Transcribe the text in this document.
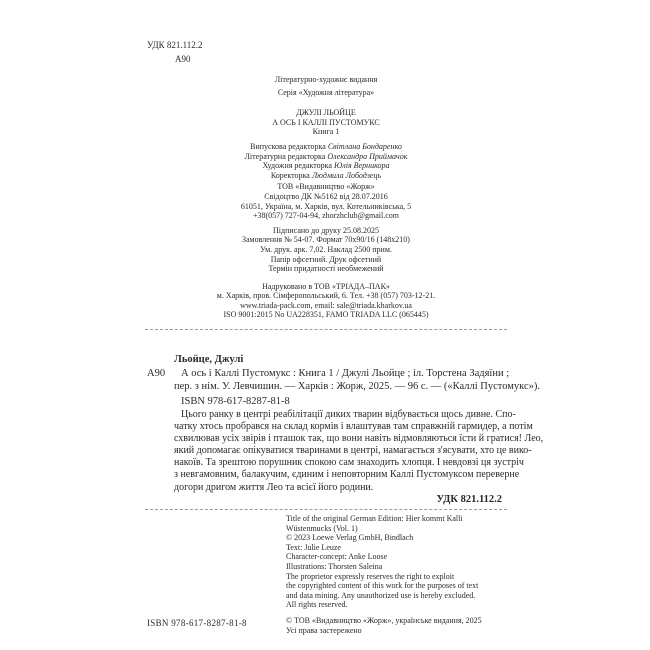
УДК 821.112.2
А90
Літературно-художнє видання
Серія «Художня література»
ДЖУЛІ ЛЬОЙЦЕ
А ОСЬ І КАЛЛІ ПУСТОМУКС
Книга 1
Випускова редакторка Світлана Бондаренко
Літературна редакторка Олександра Приймачок
Художня редакторка Юлія Верникора
Коректорка Людмила Лободзець
ТОВ «Видавництво «Жорж»
Свідоцтво ДК №5162 від 28.07.2016
61051, Україна, м. Харків, вул. Котельниківська, 5
+38(057) 727-04-94, zhorzhclub@gmail.com
Підписано до друку 25.08.2025
Замовлення № 54-07. Формат 70х90/16 (148х210)
Ум. друк. арк. 7,02. Наклад 2500 прим.
Папір офсетний. Друк офсетний
Термін придатності необмежений
Надруковано в ТОВ «ТРІАДА–ПАК»
м. Харків, пров. Сімферопольський, 6. Тел. +38 (057) 703-12-21.
www.triada-pack.com, email: sale@triada.kharkov.ua
ISO 9001:2015 No UA228351, FAMO TRIADA LLC (065445)
Льойце, Джулі
А90 А ось і Каллі Пустомукс : Книга 1 / Джулі Льойце ; іл. Торстена Задяїни ;
пер. з нім. У. Левчишин. — Харків : Жорж, 2025. — 96 с. — («Каллі Пустомукс»).
ISBN 978-617-8287-81-8
Цього ранку в центрі реабілітації диких тварин відбувається щось дивне. Спо-
чатку хтось пробрався на склад кормів і влаштував там справжній гармидер, а потім
схвилював усіх звірів і пташок так, що вони навіть відмовляються їсти й гратися! Лео,
який допомагає опікуватися тваринами в центрі, намагається з'ясувати, хто це вико-
накоїв. Та зрештою порушник спокою сам знаходить хлопця. І невдовзі ця зустріч
з невгамовним, балакучим, єдиним і неповторним Каллі Пустомуксом переверне
догори дригом життя Лео та всієї його родини.
УДК 821.112.2
Title of the original German Edition: Hier kommt Kalli
Wüstenmucks (Vol. 1)
© 2023 Loewe Verlag GmbH, Bindlach
Text: Julie Leuze
Character-concept: Anke Loose
Illustrations: Thorsten Saleina
The proprietor expressly reserves the right to exploit
the copyrighted content of this work for the purposes of text
and data mining. Any unauthorized use is hereby excluded.
All rights reserved.
ISBN 978-617-8287-81-8	© ТОВ «Видавництво «Жорж», українське видання, 2025
Усі права застережено
